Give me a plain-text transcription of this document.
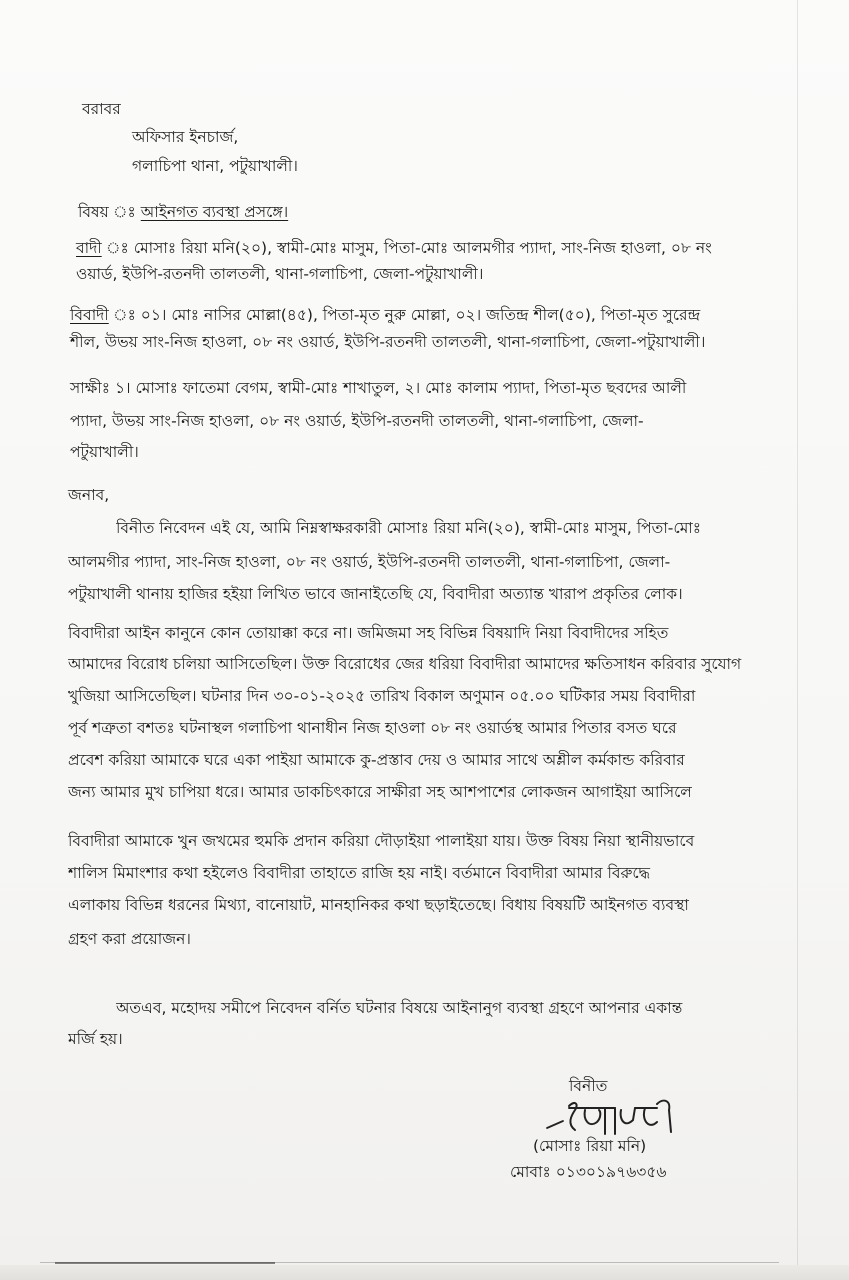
বরাবর
অফিসার ইনচার্জ,
গলাচিপা থানা, পটুয়াখালী।
বিষয় ঃ আইনগত ব্যবস্থা প্রসঙ্গে।
বাদী ঃ মোসাঃ রিয়া মনি(২০), স্বামী-মোঃ মাসুম, পিতা-মোঃ আলমগীর প্যাদা, সাং-নিজ হাওলা, ০৮ নং
ওয়ার্ড, ইউপি-রতনদী তালতলী, থানা-গলাচিপা, জেলা-পটুয়াখালী।
বিবাদী ঃ ০১। মোঃ নাসির মোল্লা(৪৫), পিতা-মৃত নুরু মোল্লা, ০২। জতিন্দ্র শীল(৫০), পিতা-মৃত সুরেন্দ্র
শীল, উভয় সাং-নিজ হাওলা, ০৮ নং ওয়ার্ড, ইউপি-রতনদী তালতলী, থানা-গলাচিপা, জেলা-পটুয়াখালী।
সাক্ষীঃ ১। মোসাঃ ফাতেমা বেগম, স্বামী-মোঃ শাখাতুল, ২। মোঃ কালাম প্যাদা, পিতা-মৃত ছবদের আলী
প্যাদা, উভয় সাং-নিজ হাওলা, ০৮ নং ওয়ার্ড, ইউপি-রতনদী তালতলী, থানা-গলাচিপা, জেলা-
পটুয়াখালী।
জনাব,
বিনীত নিবেদন এই যে, আমি নিম্নস্বাক্ষরকারী মোসাঃ রিয়া মনি(২০), স্বামী-মোঃ মাসুম, পিতা-মোঃ
আলমগীর প্যাদা, সাং-নিজ হাওলা, ০৮ নং ওয়ার্ড, ইউপি-রতনদী তালতলী, থানা-গলাচিপা, জেলা-
পটুয়াখালী থানায় হাজির হইয়া লিখিত ভাবে জানাইতেছি যে, বিবাদীরা অত্যান্ত খারাপ প্রকৃতির লোক।
বিবাদীরা আইন কানুনে কোন তোয়াক্কা করে না। জমিজমা সহ বিভিন্ন বিষয়াদি নিয়া বিবাদীদের সহিত
আমাদের বিরোধ চলিয়া আসিতেছিল। উক্ত বিরোধের জের ধরিয়া বিবাদীরা আমাদের ক্ষতিসাধন করিবার সুযোগ
খুজিয়া আসিতেছিল। ঘটনার দিন ৩০-০১-২০২৫ তারিখ বিকাল অণুমান ০৫.০০ ঘটিকার সময় বিবাদীরা
পূর্ব শত্রুতা বশতঃ ঘটনাস্থল গলাচিপা থানাধীন নিজ হাওলা ০৮ নং ওয়ার্ডস্থ আমার পিতার বসত ঘরে
প্রবেশ করিয়া আমাকে ঘরে একা পাইয়া আমাকে কু-প্রস্তাব দেয় ও আমার সাথে অশ্লীল কর্মকান্ড করিবার
জন্য আমার মুখ চাপিয়া ধরে। আমার ডাকচিৎকারে সাক্ষীরা সহ আশপাশের লোকজন আগাইয়া আসিলে
বিবাদীরা আমাকে খুন জখমের হুমকি প্রদান করিয়া দৌড়াইয়া পালাইয়া যায়। উক্ত বিষয় নিয়া স্থানীয়ভাবে
শালিস মিমাংশার কথা হইলেও বিবাদীরা তাহাতে রাজি হয় নাই। বর্তমানে বিবাদীরা আমার বিরুদ্ধে
এলাকায় বিভিন্ন ধরনের মিথ্যা, বানোয়াট, মানহানিকর কথা ছড়াইতেছে। বিধায় বিষয়টি আইনগত ব্যবস্থা
গ্রহণ করা প্রয়োজন।
অতএব, মহোদয় সমীপে নিবেদন বর্নিত ঘটনার বিষয়ে আইনানুগ ব্যবস্থা গ্রহণে আপনার একান্ত
মর্জি হয়।
বিনীত
(মোসাঃ রিয়া মনি)
মোবাঃ ০১৩০১৯৭৬৩৫৬
